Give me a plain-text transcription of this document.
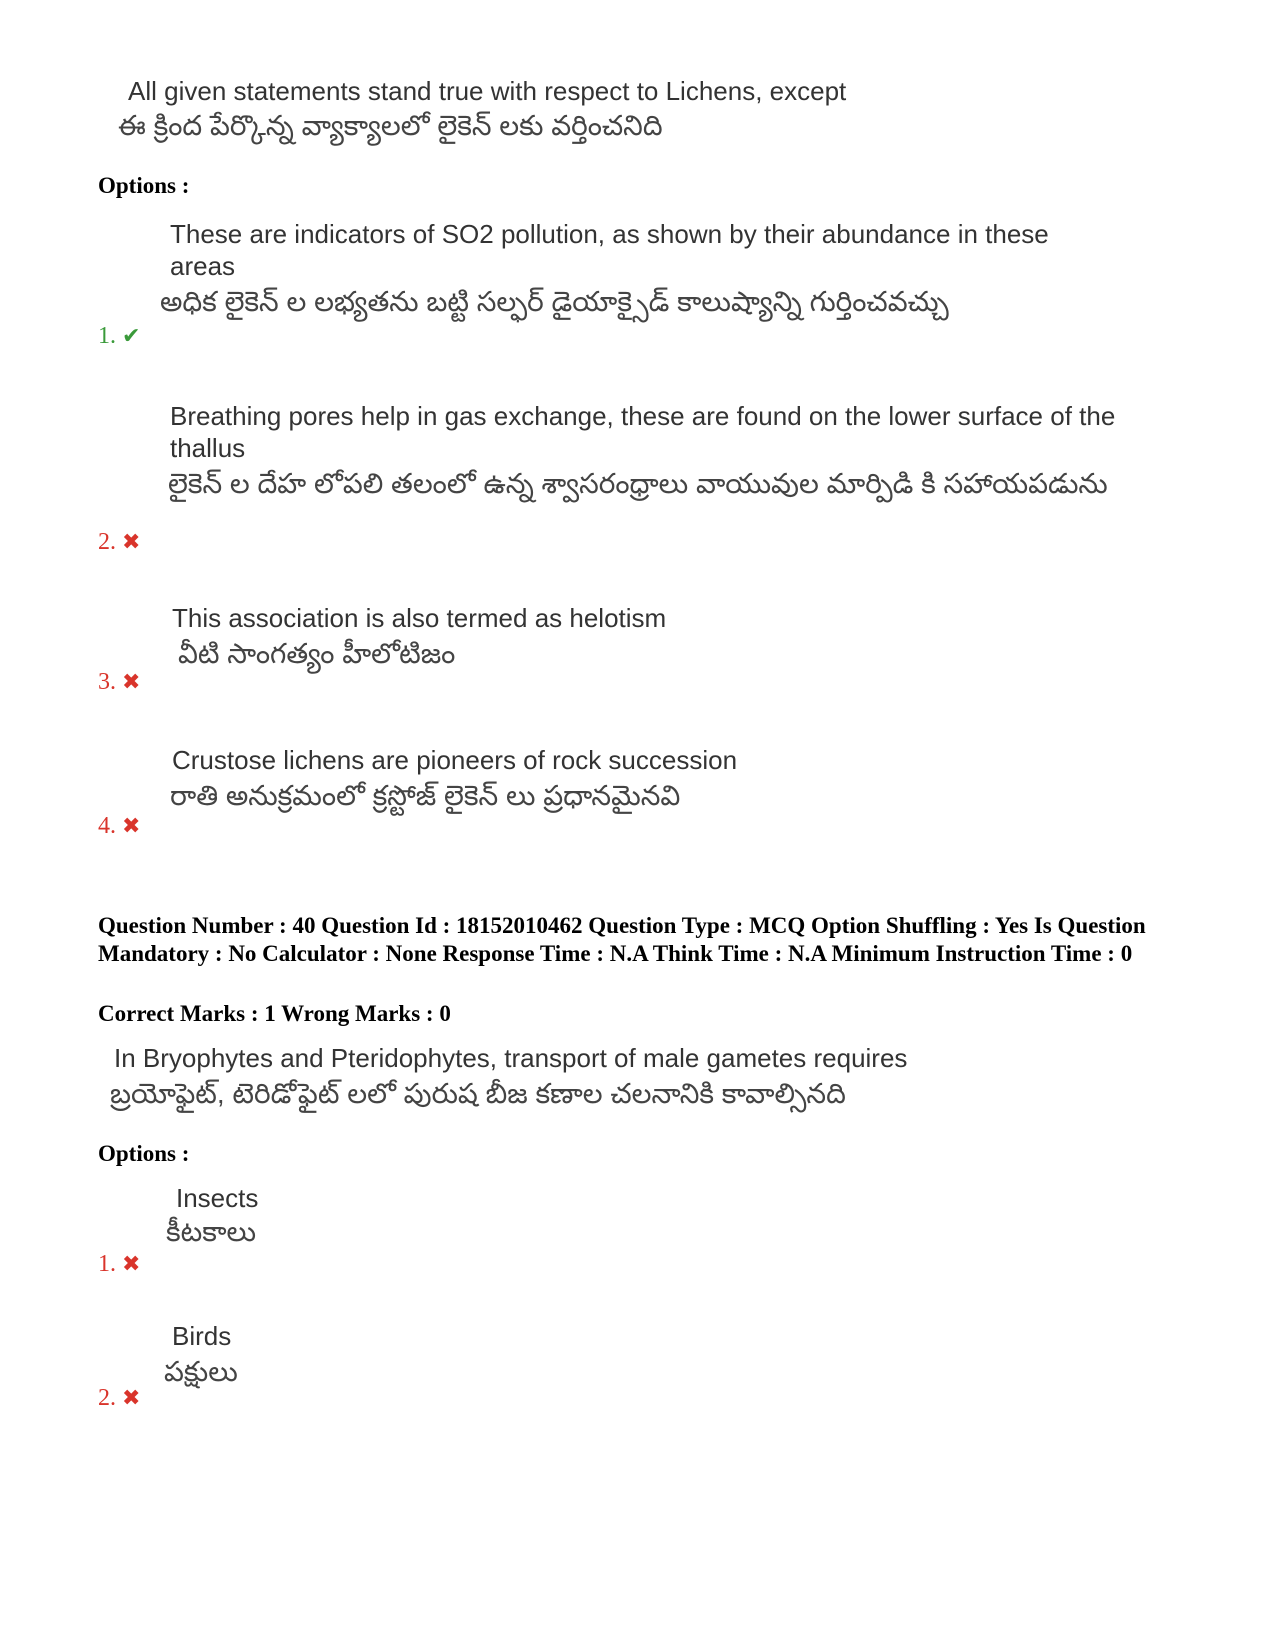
All given statements stand true with respect to Lichens, except
ఈ క్రింద పేర్కొన్న వ్యాక్యాలలో లైకెన్ లకు వర్తించనిది
Options :
These are indicators of SO2 pollution, as shown by their abundance in these areas
అధిక లైకెన్ ల లభ్యతను బట్టి సల్ఫర్ డైయాక్సైడ్ కాలుష్యాన్ని గుర్తించవచ్చు
1. ✔
Breathing pores help in gas exchange, these are found on the lower surface of the thallus
లైకెన్ ల దేహ లోపలి తలంలో ఉన్న శ్వాసరంధ్రాలు వాయువుల మార్పిడి కి సహాయపడును
2. ✖
This association is also termed as helotism
వీటి సాంగత్యం హీలోటిజం
3. ✖
Crustose lichens are pioneers of rock succession
రాతి అనుక్రమంలో క్రస్టోజ్ లైకెన్ లు ప్రధానమైనవి
4. ✖
Question Number : 40 Question Id : 18152010462 Question Type : MCQ Option Shuffling : Yes Is Question Mandatory : No Calculator : None Response Time : N.A Think Time : N.A Minimum Instruction Time : 0
Correct Marks : 1 Wrong Marks : 0
In Bryophytes and Pteridophytes, transport of male gametes requires
బ్రయోఫైట్, టెరిడోఫైట్ లలో పురుష బీజ కణాల చలనానికి కావాల్సినది
Options :
Insects
కీటకాలు
1. ✖
Birds
పక్షులు
2. ✖
